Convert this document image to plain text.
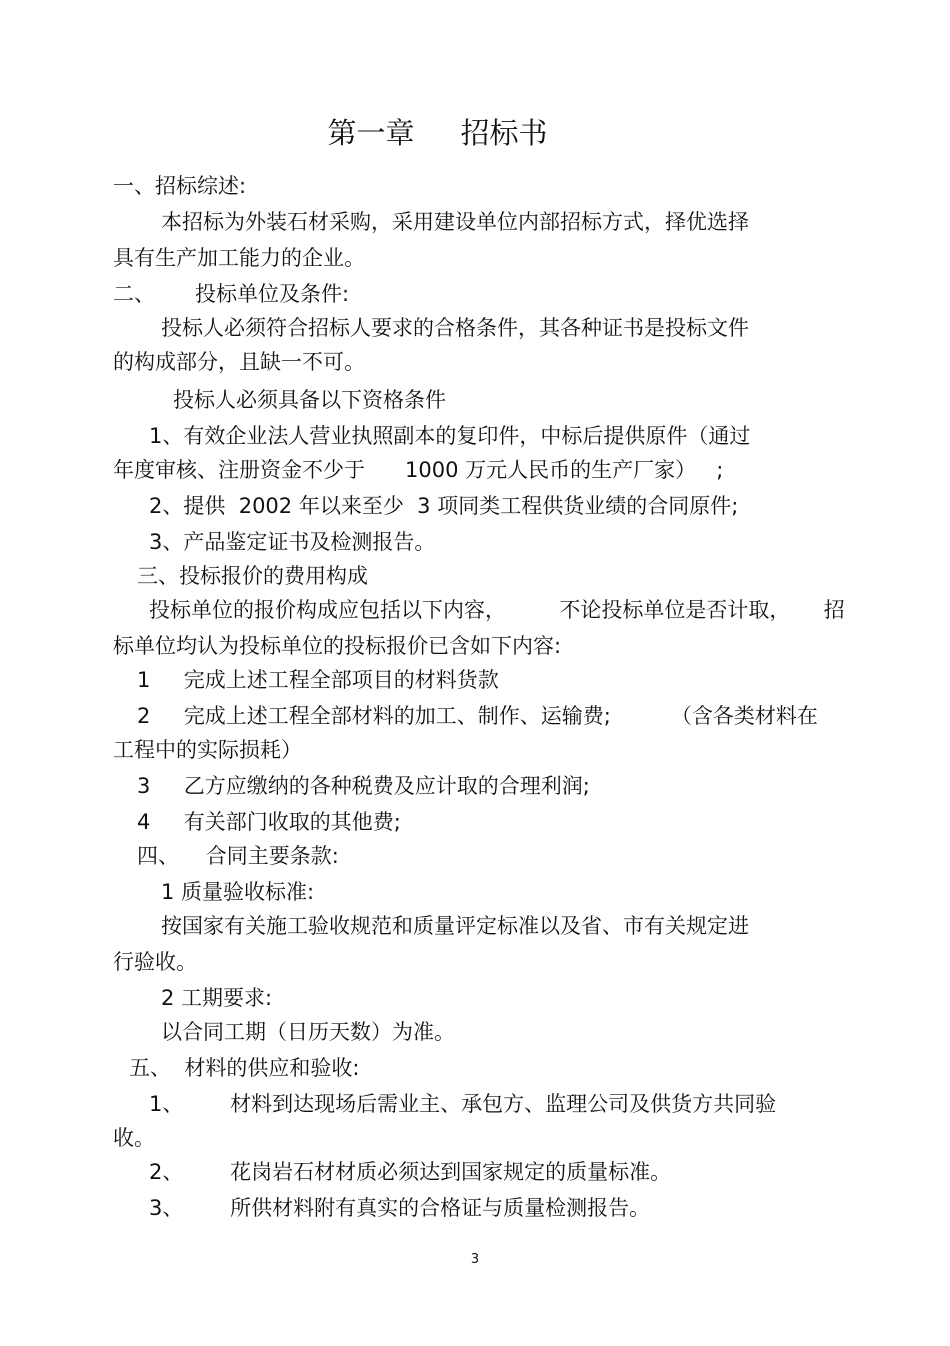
第一章     招标书
一、招标综述:
本招标为外装石材采购，采用建设单位内部招标方式，择优选择
具有生产加工能力的企业。
二、      投标单位及条件:
投标人必须符合招标人要求的合格条件，其各种证书是投标文件
的构成部分，且缺一不可。
投标人必须具备以下资格条件
1、有效企业法人营业执照副本的复印件，中标后提供原件（通过
年度审核、注册资金不少于      1000 万元人民币的生产厂家）   ;
2、提供  2002 年以来至少  3 项同类工程供货业绩的合同原件;
3、产品鉴定证书及检测报告。
三、投标报价的费用构成
投标单位的报价构成应包括以下内容，        不论投标单位是否计取，     招
标单位均认为投标单位的投标报价已含如下内容:
1     完成上述工程全部项目的材料货款
2     完成上述工程全部材料的加工、制作、运输费;         （含各类材料在
工程中的实际损耗）
3     乙方应缴纳的各种税费及应计取的合理利润;
4     有关部门收取的其他费;
四、    合同主要条款:
1 质量验收标准:
按国家有关施工验收规范和质量评定标准以及省、市有关规定进
行验收。
2 工期要求:
以合同工期（日历天数）为准。
五、  材料的供应和验收:
1、       材料到达现场后需业主、承包方、监理公司及供货方共同验
收。
2、       花岗岩石材材质必须达到国家规定的质量标准。
3、       所供材料附有真实的合格证与质量检测报告。
3
